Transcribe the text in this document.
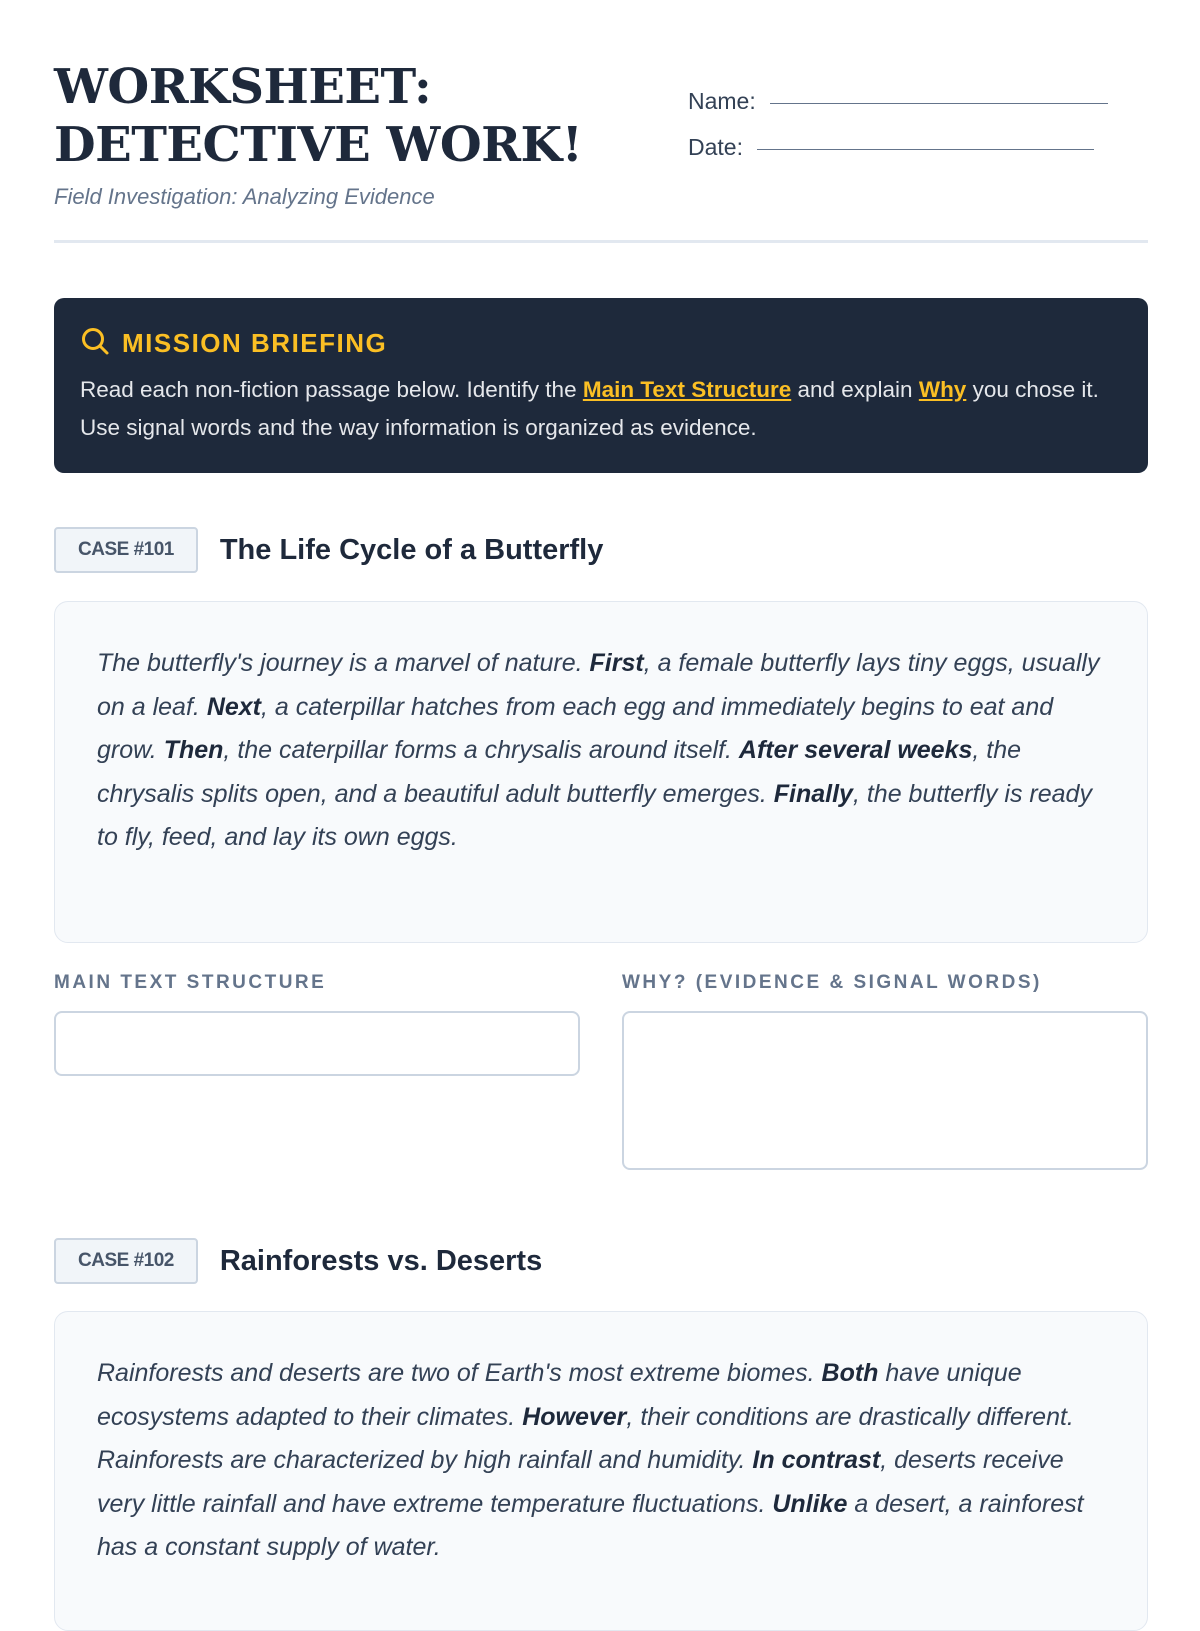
WORKSHEET: DETECTIVE WORK!
Field Investigation: Analyzing Evidence
Name:
Date:
MISSION BRIEFING
Read each non-fiction passage below. Identify the Main Text Structure and explain Why you chose it. Use signal words and the way information is organized as evidence.
CASE #101	The Life Cycle of a Butterfly
The butterfly's journey is a marvel of nature. First, a female butterfly lays tiny eggs, usually on a leaf. Next, a caterpillar hatches from each egg and immediately begins to eat and grow. Then, the caterpillar forms a chrysalis around itself. After several weeks, the chrysalis splits open, and a beautiful adult butterfly emerges. Finally, the butterfly is ready to fly, feed, and lay its own eggs.
MAIN TEXT STRUCTURE	WHY? (EVIDENCE & SIGNAL WORDS)
CASE #102	Rainforests vs. Deserts
Rainforests and deserts are two of Earth's most extreme biomes. Both have unique ecosystems adapted to their climates. However, their conditions are drastically different. Rainforests are characterized by high rainfall and humidity. In contrast, deserts receive very little rainfall and have extreme temperature fluctuations. Unlike a desert, a rainforest has a constant supply of water.
